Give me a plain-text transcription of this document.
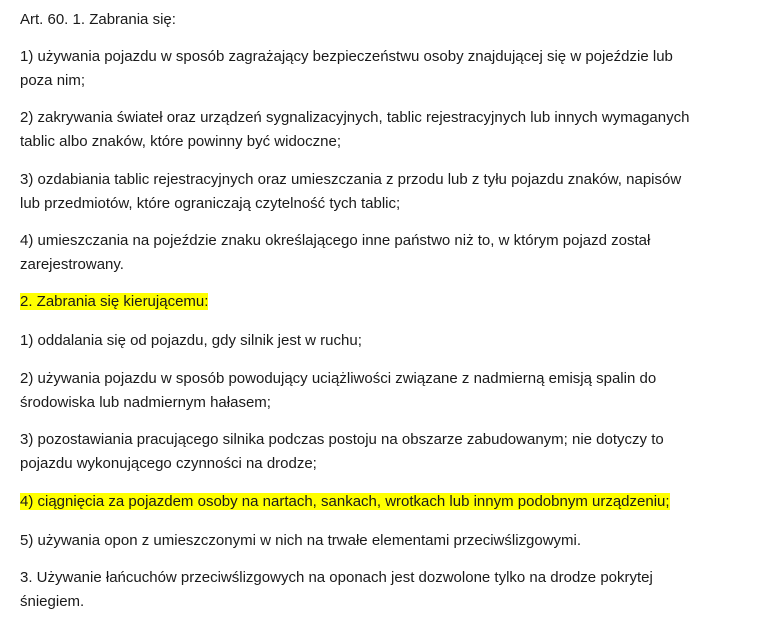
Art. 60. 1. Zabrania się:

1) używania pojazdu w sposób zagrażający bezpieczeństwu osoby znajdującej się w pojeździe lub
poza nim;

2) zakrywania świateł oraz urządzeń sygnalizacyjnych, tablic rejestracyjnych lub innych wymaganych
tablic albo znaków, które powinny być widoczne;

3) ozdabiania tablic rejestracyjnych oraz umieszczania z przodu lub z tyłu pojazdu znaków, napisów
lub przedmiotów, które ograniczają czytelność tych tablic;

4) umieszczania na pojeździe znaku określającego inne państwo niż to, w którym pojazd został
zarejestrowany.

2. Zabrania się kierującemu:

1) oddalania się od pojazdu, gdy silnik jest w ruchu;

2) używania pojazdu w sposób powodujący uciążliwości związane z nadmierną emisją spalin do
środowiska lub nadmiernym hałasem;

3) pozostawiania pracującego silnika podczas postoju na obszarze zabudowanym; nie dotyczy to
pojazdu wykonującego czynności na drodze;

4) ciągnięcia za pojazdem osoby na nartach, sankach, wrotkach lub innym podobnym urządzeniu;

5) używania opon z umieszczonymi w nich na trwałe elementami przeciwślizgowymi.

3. Używanie łańcuchów przeciwślizgowych na oponach jest dozwolone tylko na drodze pokrytej
śniegiem.
